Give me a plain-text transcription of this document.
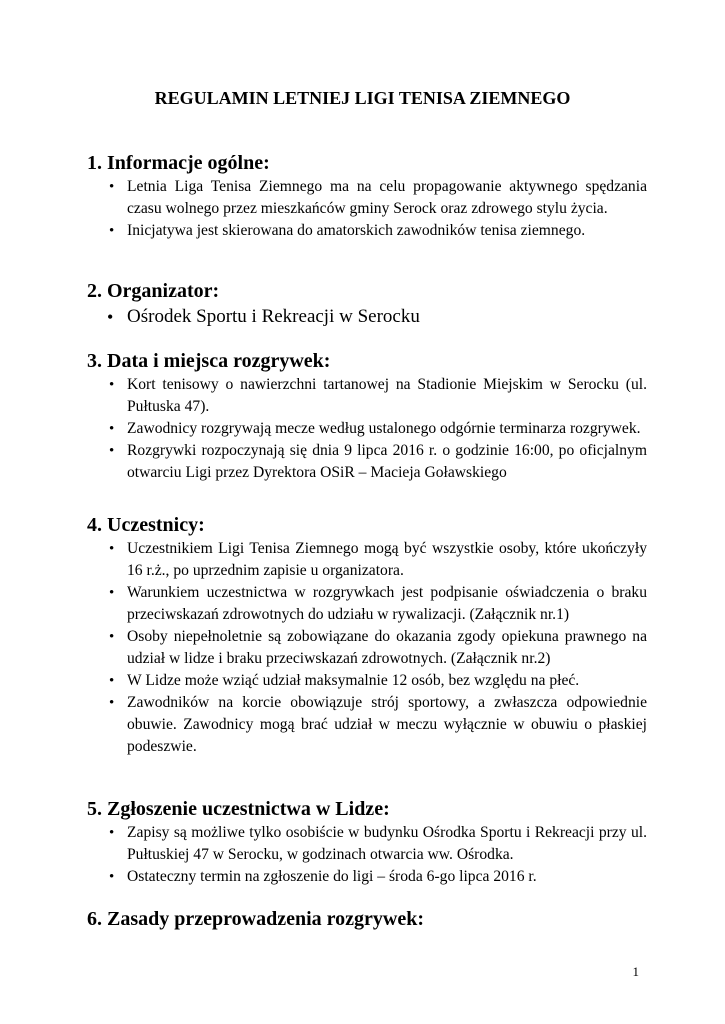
REGULAMIN LETNIEJ LIGI TENISA ZIEMNEGO
1. Informacje ogólne:
• Letnia Liga Tenisa Ziemnego ma na celu propagowanie aktywnego spędzania czasu wolnego przez mieszkańców gminy Serock oraz zdrowego stylu życia.
• Inicjatywa jest skierowana do amatorskich zawodników tenisa ziemnego.
2. Organizator:
• Ośrodek Sportu i Rekreacji w Serocku
3. Data i miejsca rozgrywek:
• Kort tenisowy o nawierzchni tartanowej na Stadionie Miejskim w Serocku (ul. Pułtuska 47).
• Zawodnicy rozgrywają mecze według ustalonego odgórnie terminarza rozgrywek.
• Rozgrywki rozpoczynają się dnia 9 lipca 2016 r. o godzinie 16:00, po oficjalnym otwarciu Ligi przez Dyrektora OSiR – Macieja Goławskiego
4. Uczestnicy:
• Uczestnikiem Ligi Tenisa Ziemnego mogą być wszystkie osoby, które ukończyły 16 r.ż., po uprzednim zapisie u organizatora.
• Warunkiem uczestnictwa w rozgrywkach jest podpisanie oświadczenia o braku przeciwskazań zdrowotnych do udziału w rywalizacji. (Załącznik nr.1)
• Osoby niepełnoletnie są zobowiązane do okazania zgody opiekuna prawnego na udział w lidze i braku przeciwskazań zdrowotnych. (Załącznik nr.2)
• W Lidze może wziąć udział maksymalnie 12 osób, bez względu na płeć.
• Zawodników na korcie obowiązuje strój sportowy, a zwłaszcza odpowiednie obuwie. Zawodnicy mogą brać udział w meczu wyłącznie w obuwiu o płaskiej podeszwie.
5. Zgłoszenie uczestnictwa w Lidze:
• Zapisy są możliwe tylko osobiście w budynku Ośrodka Sportu i Rekreacji przy ul. Pułtuskiej 47 w Serocku, w godzinach otwarcia ww. Ośrodka.
• Ostateczny termin na zgłoszenie do ligi – środa 6-go lipca 2016 r.
6. Zasady przeprowadzenia rozgrywek:
1
